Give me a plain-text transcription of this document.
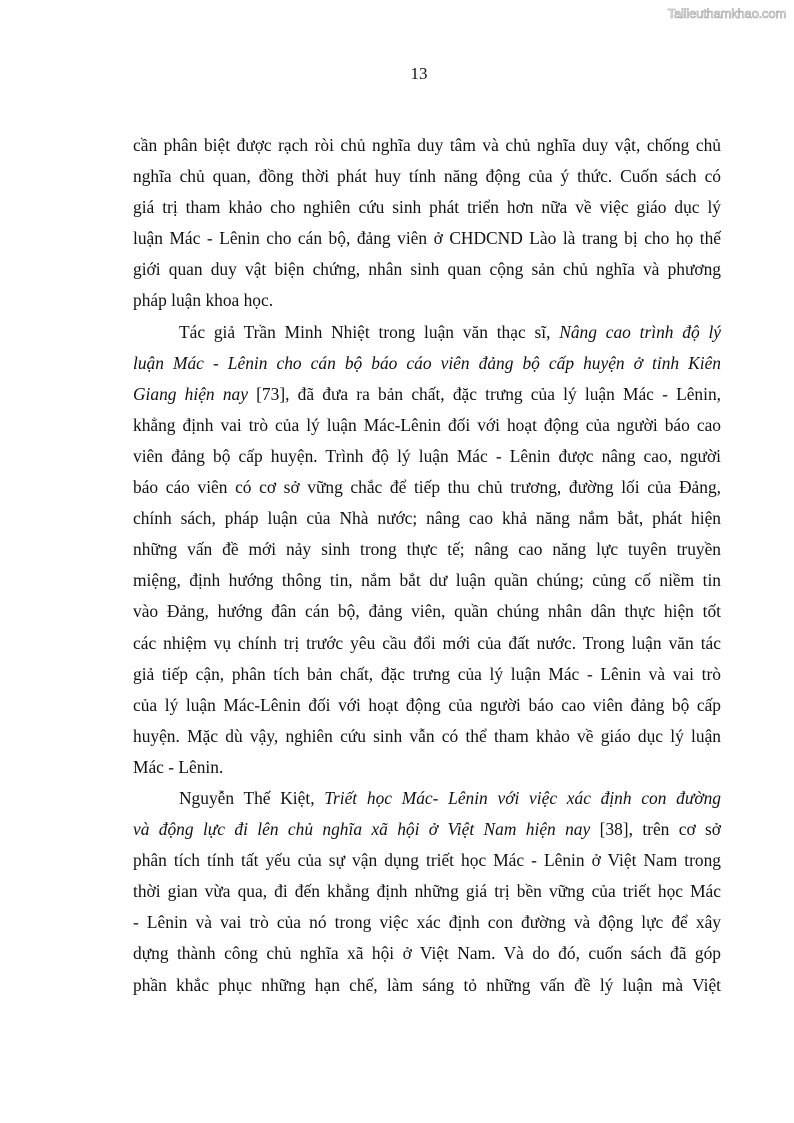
Tailieuthamkhao.com
13
cần phân biệt được rạch ròi chủ nghĩa duy tâm và chủ nghĩa duy vật, chống chủ
nghĩa chủ quan, đồng thời phát huy tính năng động của ý thức. Cuốn sách có
giá trị tham khảo cho nghiên cứu sinh phát triển hơn nữa về việc giáo dục lý
luận Mác - Lênin cho cán bộ, đảng viên ở CHDCND Lào là trang bị cho họ thế
giới quan duy vật biện chứng, nhân sinh quan cộng sản chủ nghĩa và phương
pháp luận khoa học.
Tác giả Trần Minh Nhiệt trong luận văn thạc sĩ, Nâng cao trình độ lý
luận Mác - Lênin cho cán bộ báo cáo viên đảng bộ cấp huyện ở tỉnh Kiên
Giang hiện nay [73], đã đưa ra bản chất, đặc trưng của lý luận Mác - Lênin,
khẳng định vai trò của lý luận Mác-Lênin đối với hoạt động của người báo cao
viên đảng bộ cấp huyện. Trình độ lý luận Mác - Lênin được nâng cao, người
báo cáo viên có cơ sở vững chắc để tiếp thu chủ trương, đường lối của Đảng,
chính sách, pháp luận của Nhà nước; nâng cao khả năng nắm bắt, phát hiện
những vấn đề mới nảy sinh trong thực tế; nâng cao năng lực tuyên truyền
miệng, định hướng thông tin, nắm bắt dư luận quần chúng; củng cố niềm tin
vào Đảng, hướng đân cán bộ, đảng viên, quần chúng nhân dân thực hiện tốt
các nhiệm vụ chính trị trước yêu cầu đổi mới của đất nước. Trong luận văn tác
giả tiếp cận, phân tích bản chất, đặc trưng của lý luận Mác - Lênin và vai trò
của lý luận Mác-Lênin đối với hoạt động của người báo cao viên đảng bộ cấp
huyện. Mặc dù vậy, nghiên cứu sinh vẫn có thể tham khảo về giáo dục lý luận
Mác - Lênin.
Nguyễn Thế Kiệt, Triết học Mác- Lênin với việc xác định con đường
và động lực đi lên chủ nghĩa xã hội ở Việt Nam hiện nay [38], trên cơ sở
phân tích tính tất yếu của sự vận dụng triết học Mác - Lênin ở Việt Nam trong
thời gian vừa qua, đi đến khẳng định những giá trị bền vững của triết học Mác
- Lênin và vai trò của nó trong việc xác định con đường và động lực để xây
dựng thành công chủ nghĩa xã hội ở Việt Nam. Và do đó, cuốn sách đã góp
phần khắc phục những hạn chế, làm sáng tỏ những vấn đề lý luận mà Việt
